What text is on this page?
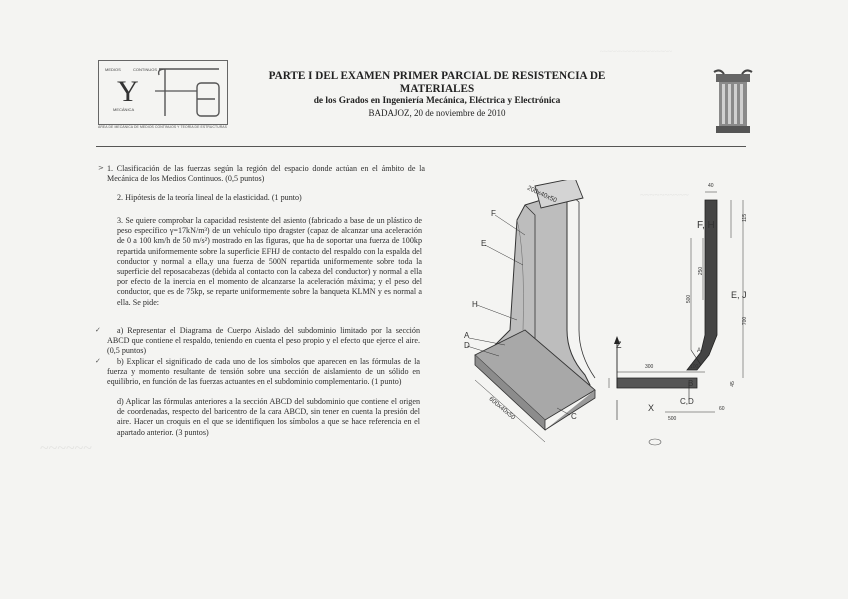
~~~~~~~~~~~~~~~~~~~
~~~~~~~~~~
~~~~~~
MEDIOS	CONTINUOS
Y
MECÁNICA
ÁREA DE MECÁNICA DE MEDIOS CONTINUOS Y TEORÍA DE ESTRUCTURAS
PARTE I DEL EXAMEN PRIMER PARCIAL DE RESISTENCIA DE MATERIALES
de los Grados en Ingeniería Mecánica, Eléctrica y Electrónica
BADAJOZ, 20 de noviembre de 2010
> 1. Clasificación de las fuerzas según la región del espacio donde actúan en el ámbito de la Mecánica de los Medios Continuos. (0,5 puntos)
2. Hipótesis de la teoría lineal de la elasticidad. (1 punto)
3. Se quiere comprobar la capacidad resistente del asiento (fabricado a base de un plástico de peso específico γ=17kN/m³) de un vehículo tipo dragster (capaz de alcanzar una aceleración de 0 a 100 km/h de 50 m/s²) mostrado en las figuras, que ha de soportar una fuerza de 100kp repartida uniformemente sobre la superficie EFHJ de contacto del respaldo con la espalda del conductor y normal a ella,y una fuerza de 500N repartida uniformemente sobre toda la superficie del reposacabezas (debida al contacto con la cabeza del conductor) y normal a ella por efecto de la inercia en el momento de alcanzarse la aceleración máxima; y el peso del conductor, que es de 75kp, se reparte uniformemente sobre la banqueta KLMN y es normal a ella. Se pide:
✓	a) Representar el Diagrama de Cuerpo Aislado del subdominio limitado por la sección ABCD que contiene el respaldo, teniendo en cuenta el peso propio y el efecto que ejerce el aire. (0,5 puntos)
✓	b) Explicar el significado de cada uno de los símbolos que aparecen en las fórmulas de la fuerza y momento resultante de tensión sobre una sección de aislamiento de un sólido en equilibrio, en función de las fuerzas actuantes en el subdominio complementario. (1 punto)
d) Aplicar las fórmulas anteriores a la sección ABCD del subdominio que contiene el origen de coordenadas, respecto del baricentro de la cara ABCD, sin tener en cuenta la presión del aire. Hacer un croquis en el que se identifiquen los símbolos a que se hace referencia en el apartado anterior. (3 puntos)
200x40x50
600x40x50
F
E
H
A
D
C
F, H
E, J
Z
X
B
A
C,D
40
115
250
500
700
300	100
45
60
500
